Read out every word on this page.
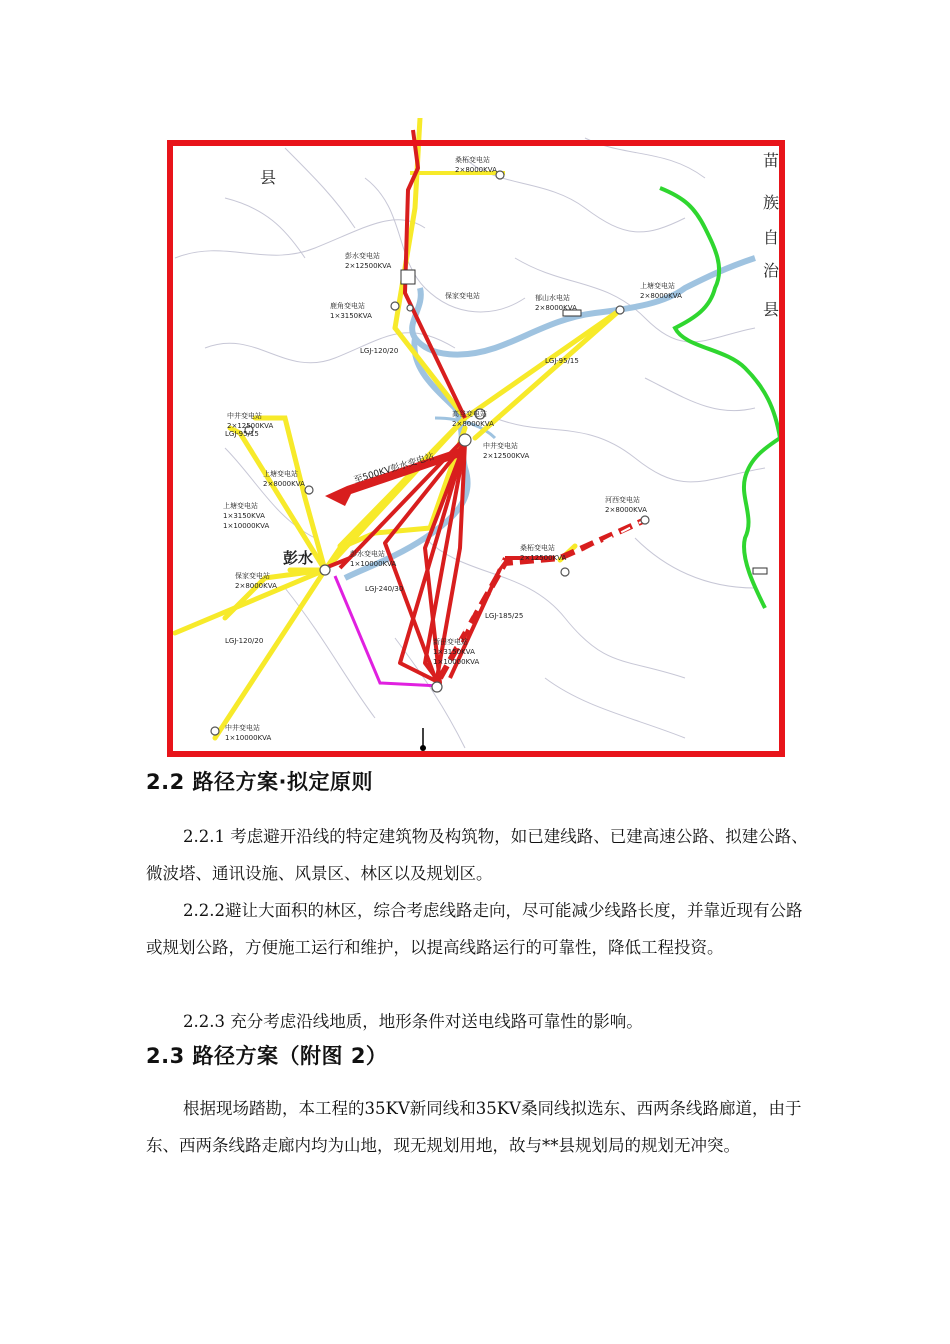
至500KV彭水变电站
桑柘变电站
2×8000KVA
彭水变电站
2×12500KVA
保家变电站
鹿角变电站
1×3150KVA
郁山水电站
2×8000KVA
上塘变电站
2×8000KVA
高谷变电站
2×8000KVA
中井变电站
2×12500KVA
中井变电站
2×12500KVA
上塘变电站
2×8000KVA
上塘变电站
1×3150KVA
1×10000KVA
彭水变电站
1×10000KVA
保家变电站
2×8000KVA
桑柘变电站
2×12500KVA
河西变电站
2×8000KVA
新田变电站
1×3150KVA
1×10000KVA
中井变电站
1×10000KVA
LGJ-120/20
LGJ-95/15
LGJ-95/15
LGJ-240/30
LGJ-185/25
LGJ-120/20
县
彭水
苗
族
自
治
县
2.2 路径方案·拟定原则
2.2.1 考虑避开沿线的特定建筑物及构筑物，如已建线路、已建高速公路、拟建公路、微波塔、通讯设施、风景区、林区以及规划区。
2.2.2避让大面积的林区，综合考虑线路走向，尽可能减少线路长度，并靠近现有公路或规划公路，方便施工运行和维护，以提高线路运行的可靠性，降低工程投资。
2.2.3 充分考虑沿线地质，地形条件对送电线路可靠性的影响。
2.3 路径方案（附图 2）
根据现场踏勘，本工程的35KV新同线和35KV桑同线拟选东、西两条线路廊道，由于东、西两条线路走廊内均为山地，现无规划用地，故与**县规划局的规划无冲突。
